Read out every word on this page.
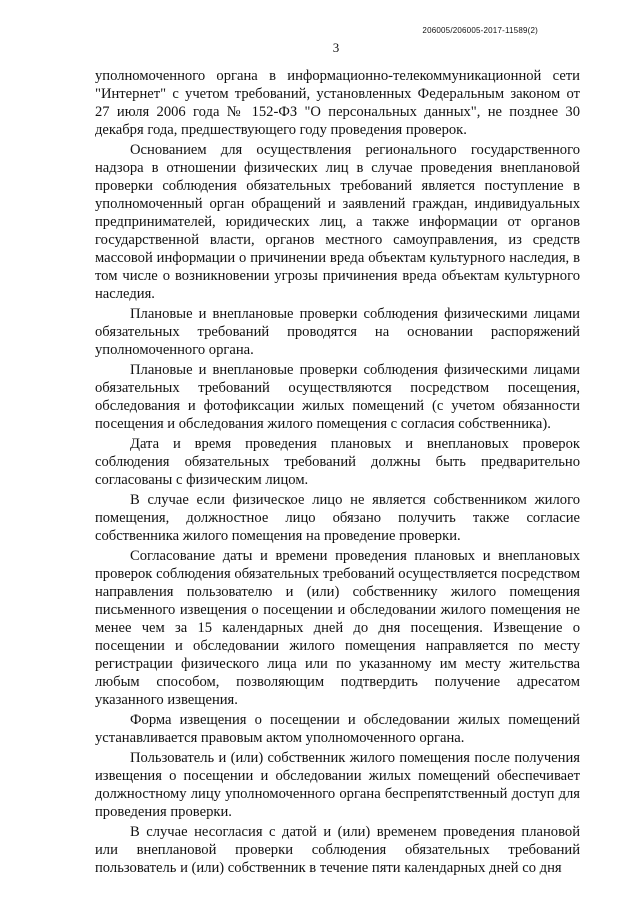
206005/206005-2017-11589(2)
3

уполномоченного органа в информационно-телекоммуникационной сети "Интернет" с учетом требований, установленных Федеральным законом от 27 июля 2006 года № 152-ФЗ "О персональных данных", не позднее 30 декабря года, предшествующего году проведения проверок.

Основанием для осуществления регионального государственного надзора в отношении физических лиц в случае проведения внеплановой проверки соблюдения обязательных требований является поступление в уполномоченный орган обращений и заявлений граждан, индивидуальных предпринимателей, юридических лиц, а также информации от органов государственной власти, органов местного самоуправления, из средств массовой информации о причинении вреда объектам культурного наследия, в том числе о возникновении угрозы причинения вреда объектам культурного наследия.

Плановые и внеплановые проверки соблюдения физическими лицами обязательных требований проводятся на основании распоряжений уполномоченного органа.

Плановые и внеплановые проверки соблюдения физическими лицами обязательных требований осуществляются посредством посещения, обследования и фотофиксации жилых помещений (с учетом обязанности посещения и обследования жилого помещения с согласия собственника).

Дата и время проведения плановых и внеплановых проверок соблюдения обязательных требований должны быть предварительно согласованы с физическим лицом.

В случае если физическое лицо не является собственником жилого помещения, должностное лицо обязано получить также согласие собственника жилого помещения на проведение проверки.

Согласование даты и времени проведения плановых и внеплановых проверок соблюдения обязательных требований осуществляется посредством направления пользователю и (или) собственнику жилого помещения письменного извещения о посещении и обследовании жилого помещения не менее чем за 15 календарных дней до дня посещения. Извещение о посещении и обследовании жилого помещения направляется по месту регистрации физического лица или по указанному им месту жительства любым способом, позволяющим подтвердить получение адресатом указанного извещения.

Форма извещения о посещении и обследовании жилых помещений устанавливается правовым актом уполномоченного органа.

Пользователь и (или) собственник жилого помещения после получения извещения о посещении и обследовании жилых помещений обеспечивает должностному лицу уполномоченного органа беспрепятственный доступ для проведения проверки.

В случае несогласия с датой и (или) временем проведения плановой или внеплановой проверки соблюдения обязательных требований пользователь и (или) собственник в течение пяти календарных дней со дня
